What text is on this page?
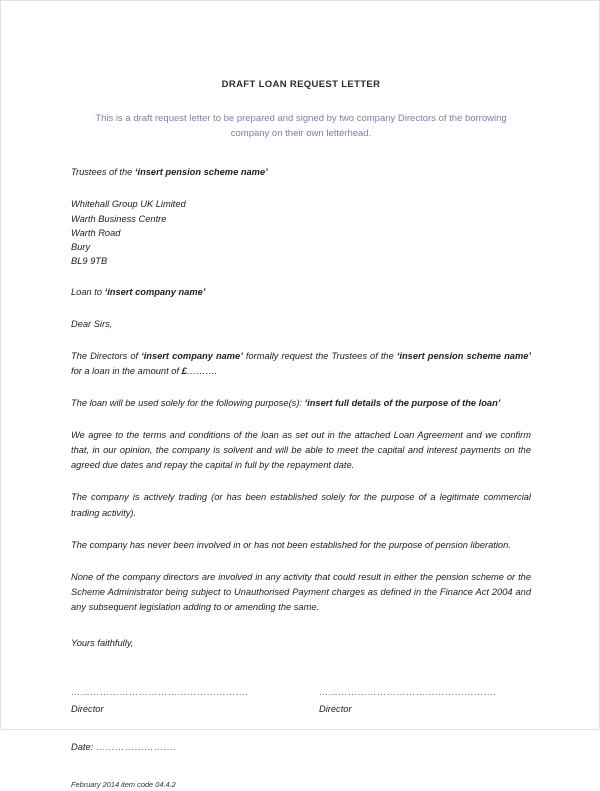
DRAFT LOAN REQUEST LETTER
This is a draft request letter to be prepared and signed by two company Directors of the borrowing company on their own letterhead.

Trustees of the ‘insert pension scheme name’

Whitehall Group UK Limited
Warth Business Centre
Warth Road
Bury
BL9 9TB

Loan to ‘insert company name’

Dear Sirs,

The Directors of ‘insert company name’ formally request the Trustees of the ‘insert pension scheme name’ for a loan in the amount of £……….

The loan will be used solely for the following purpose(s): ‘insert full details of the purpose of the loan’

We agree to the terms and conditions of the loan as set out in the attached Loan Agreement and we confirm that, in our opinion, the company is solvent and will be able to meet the capital and interest payments on the agreed due dates and repay the capital in full by the repayment date.

The company is actively trading (or has been established solely for the purpose of a legitimate commercial trading activity).

The company has never been involved in or has not been established for the purpose of pension liberation.

None of the company directors are involved in any activity that could result in either the pension scheme or the Scheme Administrator being subject to Unauthorised Payment charges as defined in the Finance Act 2004 and any subsequent legislation adding to or amending the same.

Yours faithfully,

……………………………………………….
Director
Date: …………………….
……………………………………………….
Director
February 2014 item code 04.4.2
